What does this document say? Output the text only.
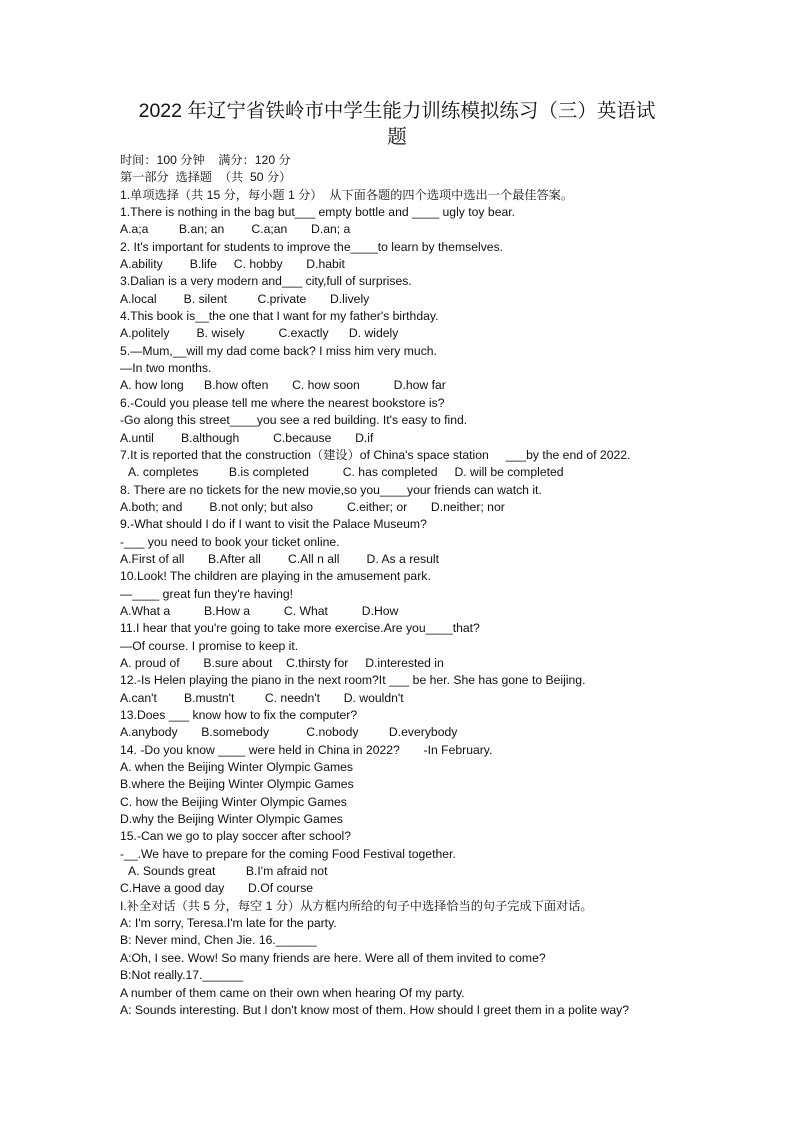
2022 年辽宁省铁岭市中学生能力训练模拟练习（三）英语试
题
时间：100 分钟    满分：120 分
第一部分  选择题  （共  50 分）
1.单项选择（共 15 分，每小题 1 分）  从下面各题的四个选项中选出一个最佳答案。
1.There is nothing in the bag but___ empty bottle and ____ ugly toy bear.
A.a;a         B.an; an        C.a;an       D.an; a
2. It's important for students to improve the____to learn by themselves.
A.ability        B.life     C. hobby       D.habit
3.Dalian is a very modern and___ city,full of surprises.
A.local        B. silent         C.private       D.lively
4.This book is__the one that I want for my father's birthday.
A.politely        B. wisely          C.exactly      D. widely
5.—Mum,__will my dad come back? I miss him very much.
—In two months.
A. how long      B.how often       C. how soon          D.how far
6.-Could you please tell me where the nearest bookstore is?
-Go along this street____you see a red building. It's easy to find.
A.until        B.although          C.because       D.if
7.It is reported that the construction（建设）of China's space station     ___by the end of 2022.
A. completes         B.is completed          C. has completed     D. will be completed
8. There are no tickets for the new movie,so you____your friends can watch it.
A.both; and        B.not only; but also          C.either; or       D.neither; nor
9.-What should I do if I want to visit the Palace Museum?
-___ you need to book your ticket online.
A.First of all       B.After all        C.All n all        D. As a result
10.Look! The children are playing in the amusement park.
—____ great fun they're having!
A.What a          B.How a          C. What          D.How
11.I hear that you're going to take more exercise.Are you____that?
—Of course. I promise to keep it.
A. proud of       B.sure about    C.thirsty for     D.interested in
12.-Is Helen playing the piano in the next room?It ___ be her. She has gone to Beijing.
A.can't        B.mustn't         C. needn't       D. wouldn't
13.Does ___ know how to fix the computer?
A.anybody       B.somebody           C.nobody         D.everybody
14. -Do you know ____ were held in China in 2022?       -In February.
A. when the Beijing Winter Olympic Games
B.where the Beijing Winter Olympic Games
C. how the Beijing Winter Olympic Games
D.why the Beijing Winter Olympic Games
15.-Can we go to play soccer after school?
-__.We have to prepare for the coming Food Festival together.
A. Sounds great         B.I'm afraid not
C.Have a good day       D.Of course
I.补全对话（共 5 分，每空 1 分）从方框内所给的句子中选择恰当的句子完成下面对话。
A: I'm sorry, Teresa.I'm late for the party.
B: Never mind, Chen Jie. 16.______
A:Oh, I see. Wow! So many friends are here. Were all of them invited to come?
B:Not really.17.______
A number of them came on their own when hearing Of my party.
A: Sounds interesting. But I don't know most of them. How should I greet them in a polite way?
